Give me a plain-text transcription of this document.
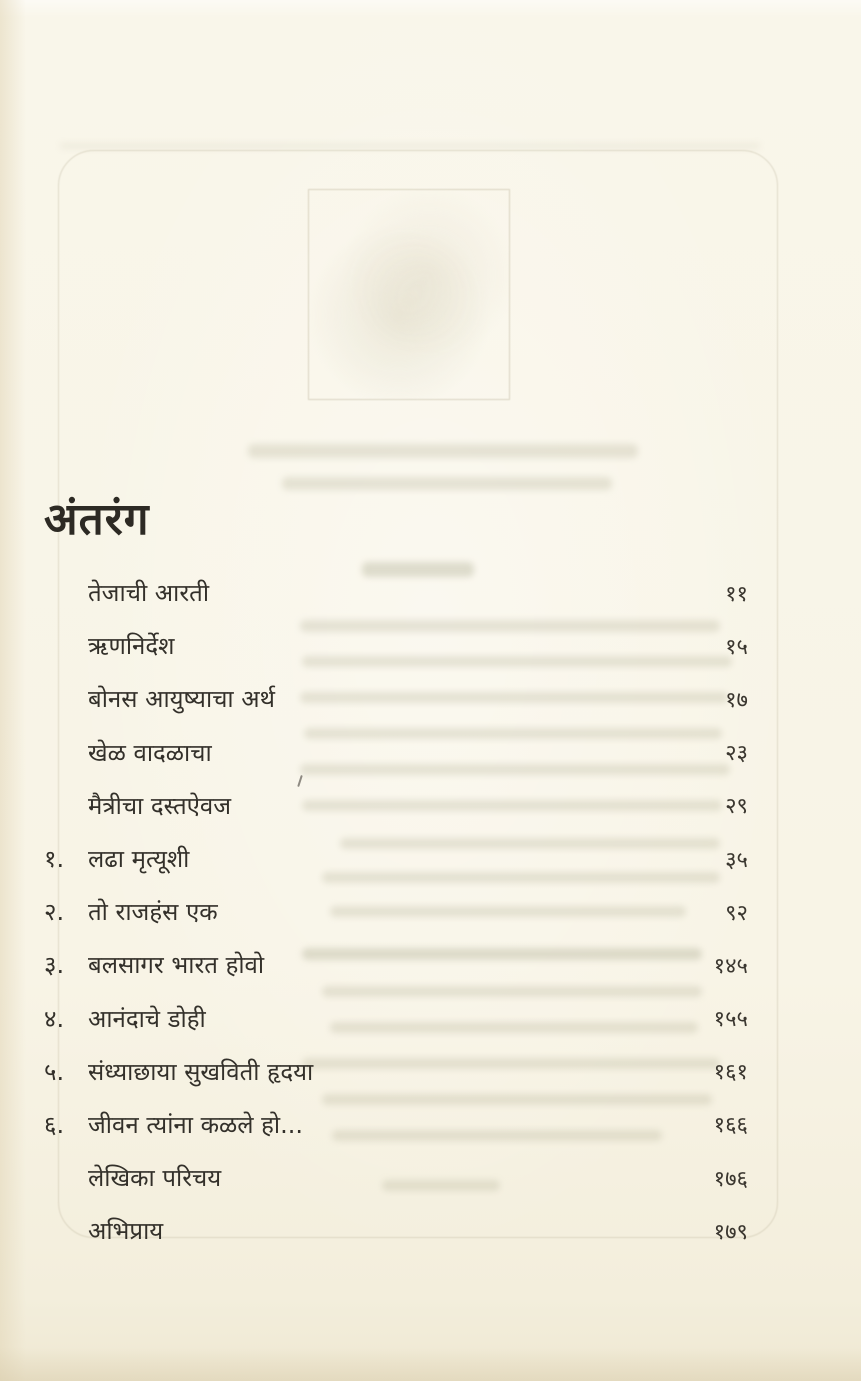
अंतरंग
तेजाची आरती	११
ऋणनिर्देश	१५
बोनस आयुष्याचा अर्थ	१७
खेळ वादळाचा	२३
मैत्रीचा दस्तऐवज	२९
१. लढा मृत्यूशी	३५
२. तो राजहंस एक	९२
३. बलसागर भारत होवो	१४५
४. आनंदाचे डोही	१५५
५. संध्याछाया सुखविती हृदया	१६१
६. जीवन त्यांना कळले हो...	१६६
लेखिका परिचय	१७६
अभिप्राय	१७९
